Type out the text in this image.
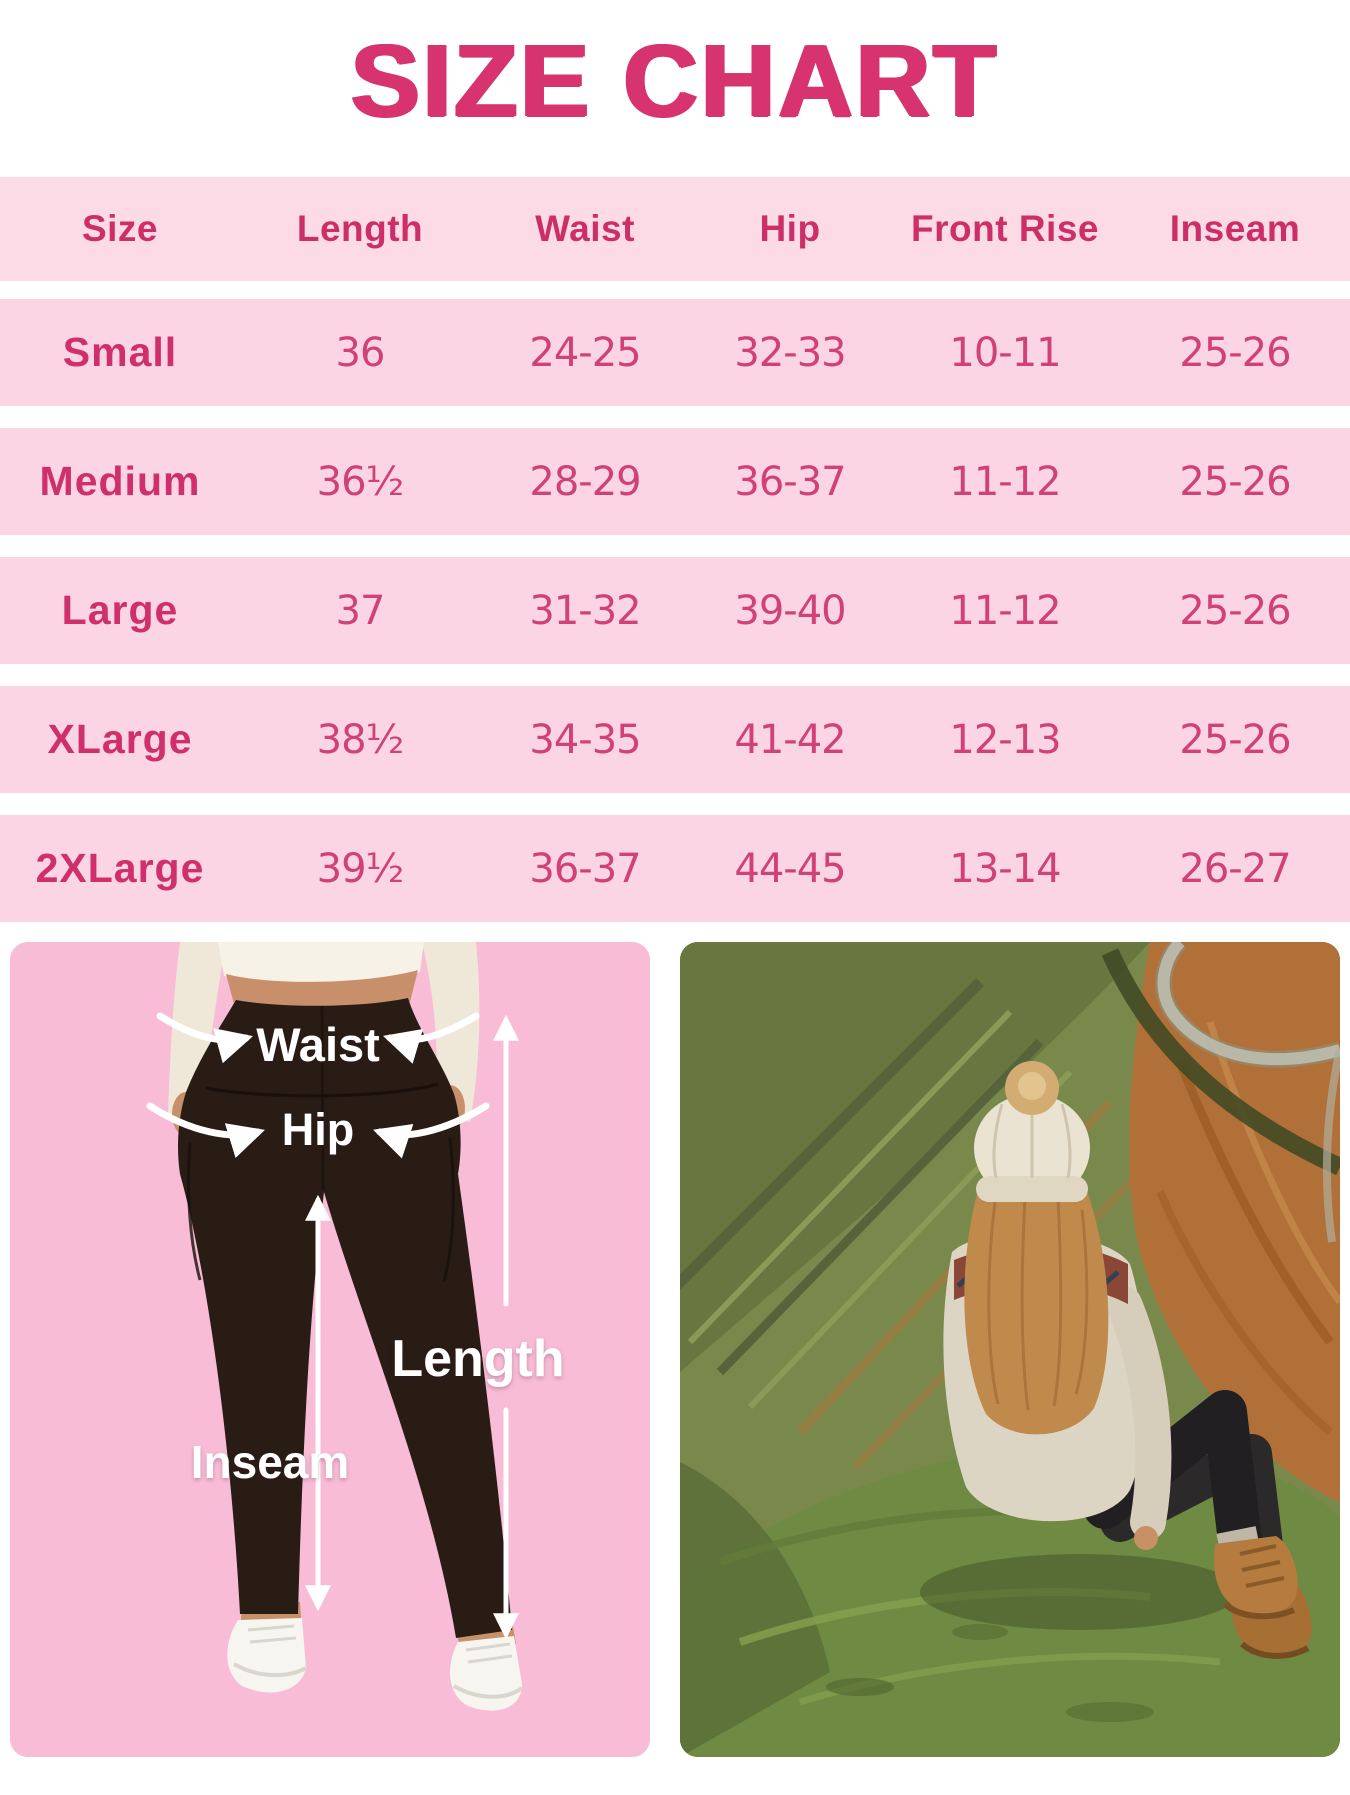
SIZE CHART
Size	Length	Waist	Hip	Front Rise	Inseam
Small	36	24-25	32-33	10-11	25-26
Medium	36½	28-29	36-37	11-12	25-26
Large	37	31-32	39-40	11-12	25-26
XLarge	38½	34-35	41-42	12-13	25-26
2XLarge	39½	36-37	44-45	13-14	26-27
Waist
Hip
Length
Inseam
